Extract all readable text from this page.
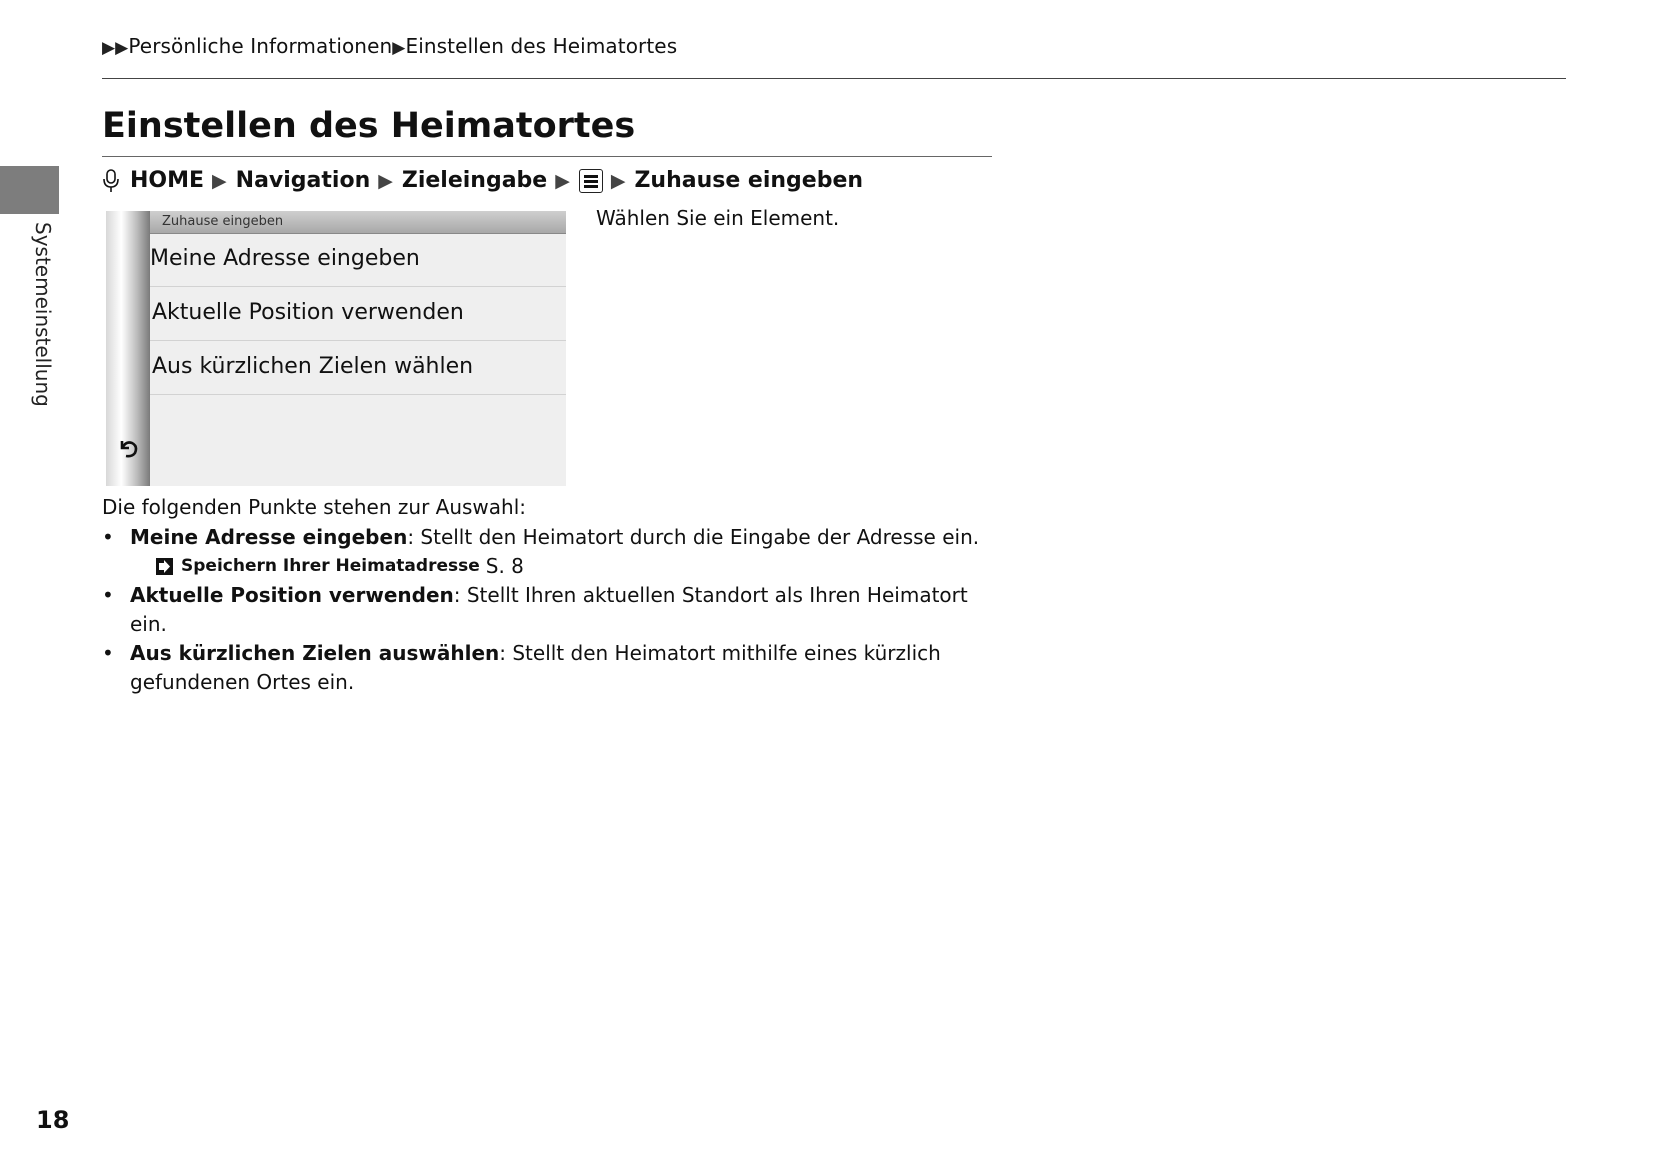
▶▶Persönliche Informationen▶Einstellen des Heimatortes
Systemeinstellung
Einstellen des Heimatortes
HOME ▶ Navigation ▶ Zieleingabe ▶ ▶ Zuhause eingeben
Wählen Sie ein Element.
Zuhause eingeben
Meine Adresse eingeben
Aktuelle Position verwenden
Aus kürzlichen Zielen wählen
Die folgenden Punkte stehen zur Auswahl:
• Meine Adresse eingeben: Stellt den Heimatort durch die Eingabe der Adresse ein.
Speichern Ihrer Heimatadresse S. 8
• Aktuelle Position verwenden: Stellt Ihren aktuellen Standort als Ihren Heimatort ein.
• Aus kürzlichen Zielen auswählen: Stellt den Heimatort mithilfe eines kürzlich gefundenen Ortes ein.
18
